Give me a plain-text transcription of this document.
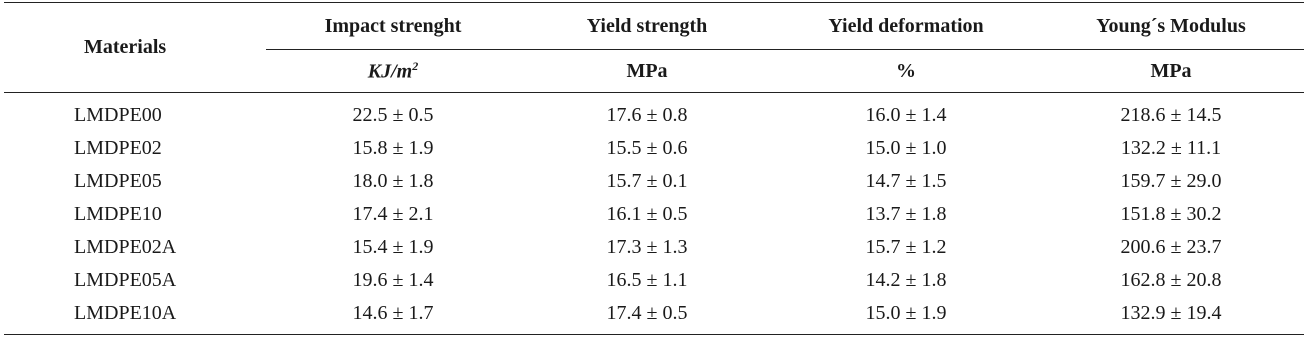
Materials	Impact strenght	Yield strength	Yield deformation	Young´s Modulus
	$KJ/m^2$	MPa	%	MPa
LMDPE00	22.5 ± 0.5	17.6 ± 0.8	16.0 ± 1.4	218.6 ± 14.5
LMDPE02	15.8 ± 1.9	15.5 ± 0.6	15.0 ± 1.0	132.2 ± 11.1
LMDPE05	18.0 ± 1.8	15.7 ± 0.1	14.7 ± 1.5	159.7 ± 29.0
LMDPE10	17.4 ± 2.1	16.1 ± 0.5	13.7 ± 1.8	151.8 ± 30.2
LMDPE02A	15.4 ± 1.9	17.3 ± 1.3	15.7 ± 1.2	200.6 ± 23.7
LMDPE05A	19.6 ± 1.4	16.5 ± 1.1	14.2 ± 1.8	162.8 ± 20.8
LMDPE10A	14.6 ± 1.7	17.4 ± 0.5	15.0 ± 1.9	132.9 ± 19.4
